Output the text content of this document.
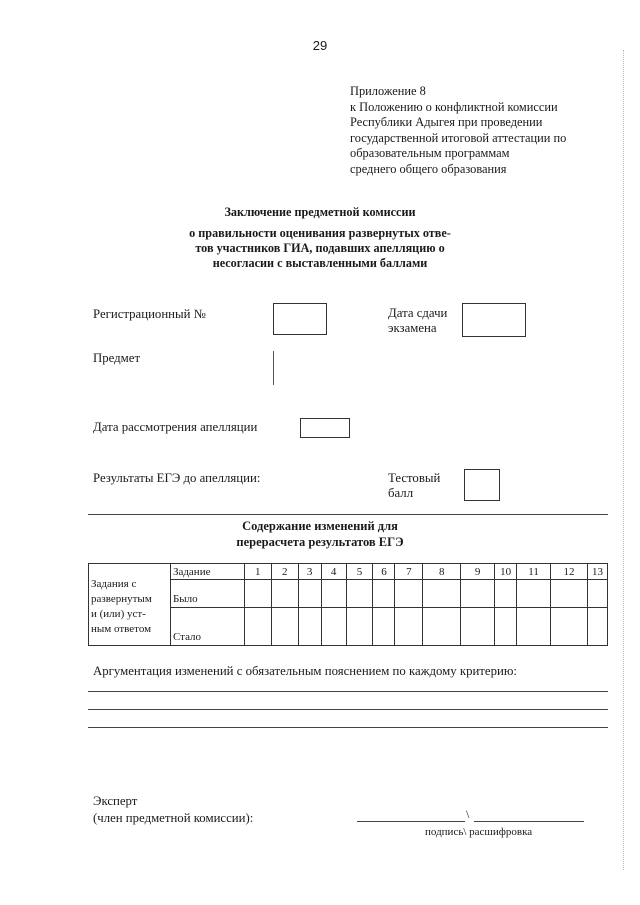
29
Приложение 8
к Положению о конфликтной комиссии
Республики Адыгея при проведении
государственной итоговой аттестации по
образовательным программам
среднего общего образования
Заключение предметной комиссии
о правильности оценивания развернутых отве-
тов участников ГИА, подавших апелляцию о
несогласии с выставленными баллами
Регистрационный №	Дата сдачи
экзамена
Предмет
Дата рассмотрения апелляции
Результаты ЕГЭ до апелляции:	Тестовый
балл
Содержание изменений для
перерасчета результатов ЕГЭ
Задания с
развернутым
и (или) уст-
ным ответом	Задание	1	2	3	4	5	6	7	8	9	10	11	12	13
	Было													
	Стало													
Аргументация изменений с обязательным пояснением по каждому критерию:
Эксперт
(член предметной комиссии):	\
подпись\ расшифровка
